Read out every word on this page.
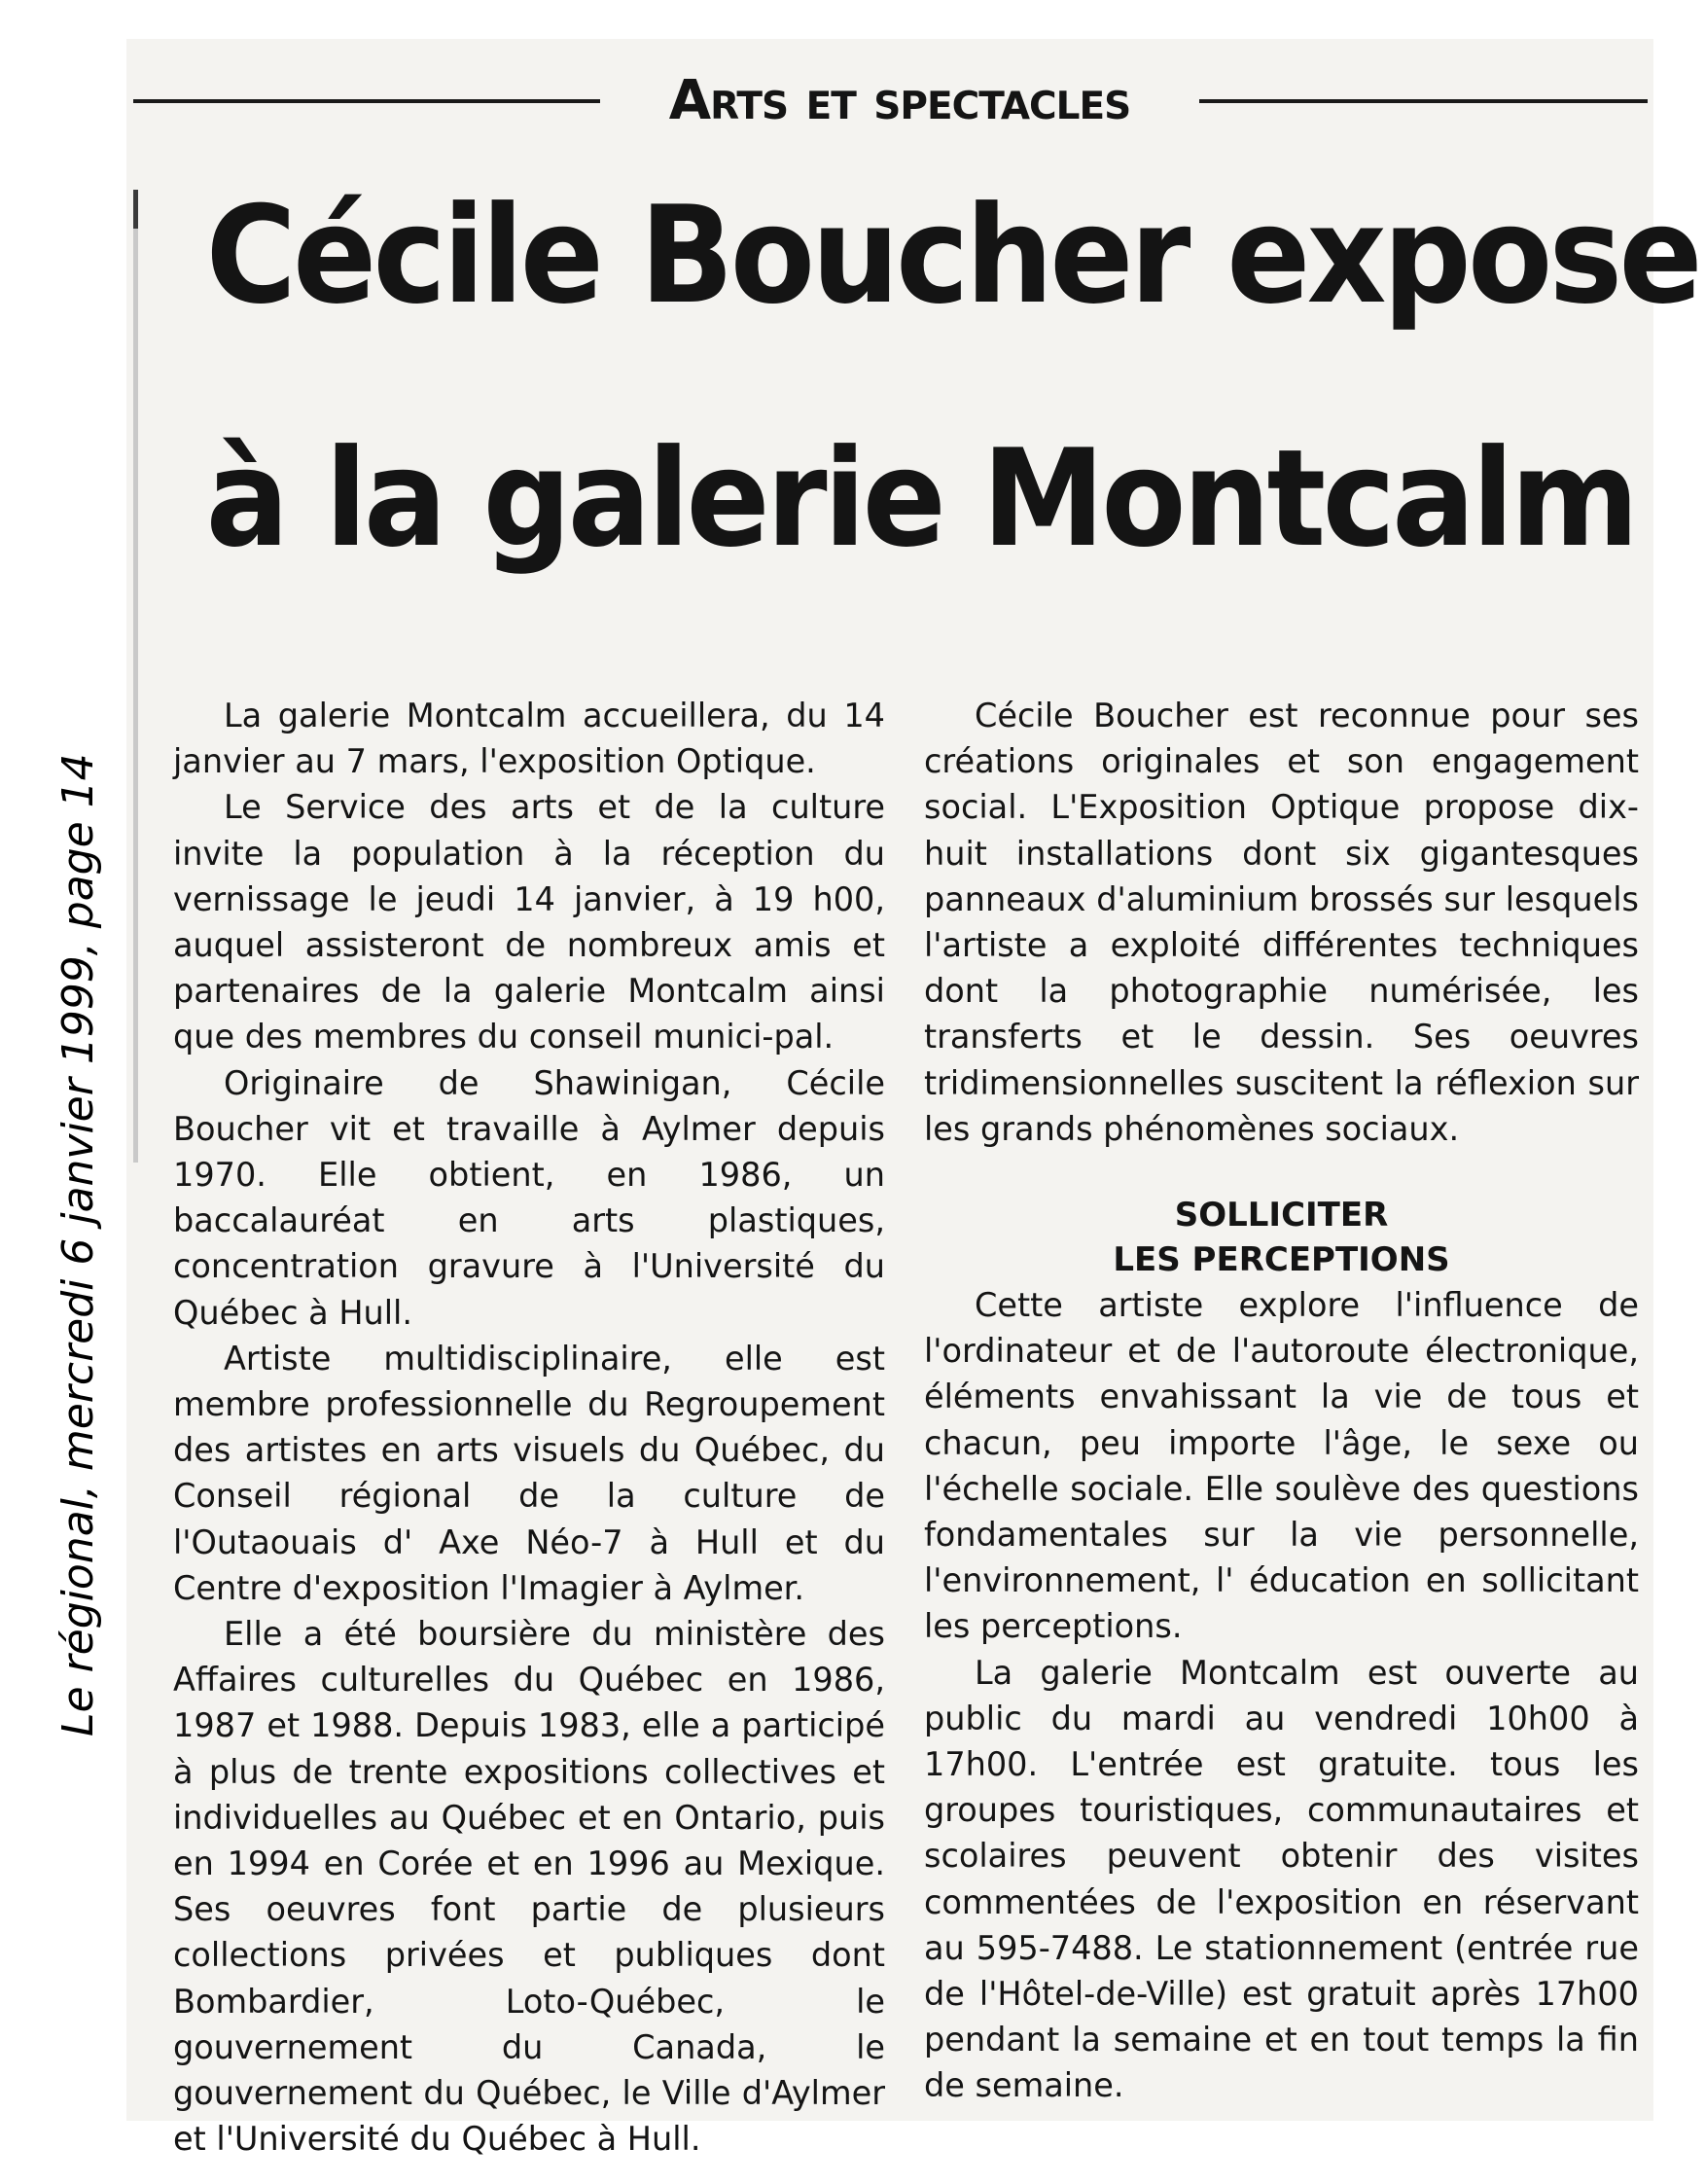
Le régional, mercredi 6 janvier 1999, page 14
Arts et spectacles
Cécile Boucher expose
à la galerie Montcalm

La galerie Montcalm accueillera, du 14 janvier au 7 mars, l'exposition Optique.

Le Service des arts et de la culture invite la population à la réception du vernissage le jeudi 14 janvier, à 19 h00, auquel assisteront de nombreux amis et partenaires de la galerie Montcalm ainsi que des membres du conseil munici-pal.

Originaire de Shawinigan, Cécile Boucher vit et travaille à Aylmer depuis 1970. Elle obtient, en 1986, un baccalauréat en arts plastiques, concentration gravure à l'Université du Québec à Hull.

Artiste multidisciplinaire, elle est membre professionnelle du Regroupement des artistes en arts visuels du Québec, du Conseil régional de la culture de l'Outaouais d' Axe Néo-7 à Hull et du Centre d'exposition l'Imagier à Aylmer.

Elle a été boursière du ministère des Affaires culturelles du Québec en 1986, 1987 et 1988. Depuis 1983, elle a participé à plus de trente expositions collectives et individuelles au Québec et en Ontario, puis en 1994 en Corée et en 1996 au Mexique. Ses oeuvres font partie de plusieurs collections privées et publiques dont Bombardier, Loto-Québec, le gouvernement du Canada, le gouvernement du Québec, le Ville d'Aylmer et l'Université du Québec à Hull.

Cécile Boucher est reconnue pour ses créations originales et son engagement social. L'Exposition Optique propose dix-huit installations dont six gigantesques panneaux d'aluminium brossés sur lesquels l'artiste a exploité différentes techniques dont la photographie numérisée, les transferts et le dessin. Ses oeuvres tridimensionnelles suscitent la réflexion sur les grands phénomènes sociaux.

SOLLICITER
LES PERCEPTIONS

Cette artiste explore l'influence de l'ordinateur et de l'autoroute électronique, éléments envahissant la vie de tous et chacun, peu importe l'âge, le sexe ou l'échelle sociale. Elle soulève des questions fondamentales sur la vie personnelle, l'environnement, l' éducation en sollicitant les perceptions.

La galerie Montcalm est ouverte au public du mardi au vendredi 10h00 à 17h00. L'entrée est gratuite. tous les groupes touristiques, communautaires et scolaires peuvent obtenir des visites commentées de l'exposition en réservant au 595-7488. Le stationnement (entrée rue de l'Hôtel-de-Ville) est gratuit après 17h00 pendant la semaine et en tout temps la fin de semaine.
